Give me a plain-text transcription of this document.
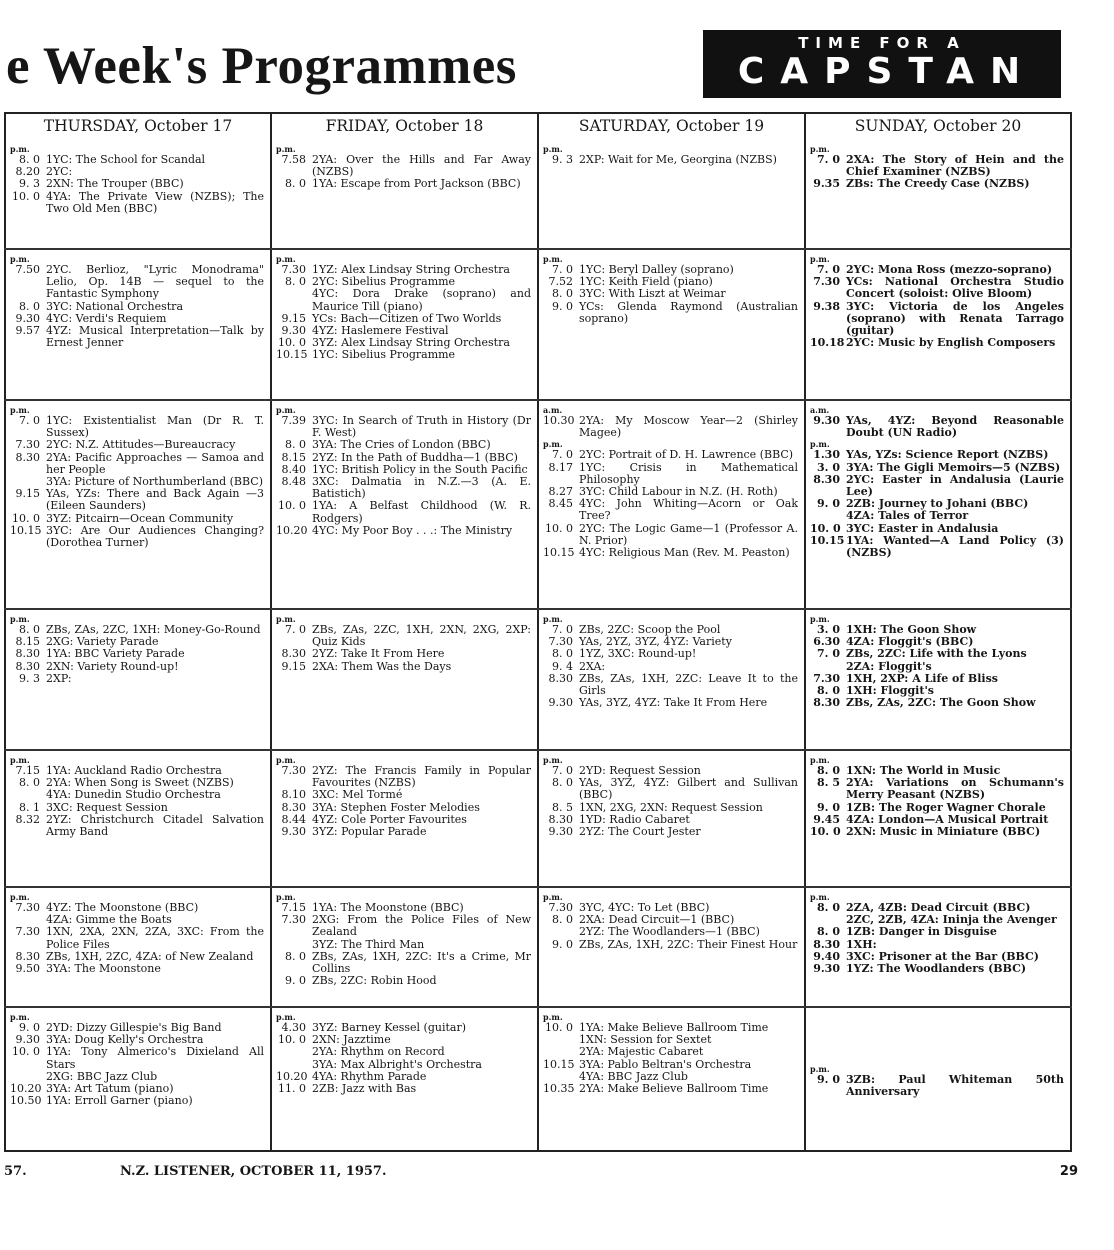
e Week's Programmes	TIME FOR A
CAPSTAN
THURSDAY, October 17	FRIDAY, October 18	SATURDAY, October 19	SUNDAY, October 20
p.m.
8. 0 1YC: The School for Scandal
8.20 2YC:
9. 3 2XN: The Trouper (BBC)
10. 0 4YA: The Private View (NZBS); The Two Old Men (BBC)
p.m.
7.58 2YA: Over the Hills and Far Away (NZBS)
8. 0 1YA: Escape from Port Jackson (BBC)
p.m.
9. 3 2XP: Wait for Me, Georgina (NZBS)
p.m.
7. 0 2XA: The Story of Hein and the Chief Examiner (NZBS)
9.35 ZBs: The Creedy Case (NZBS)
p.m.
7.50 2YC. Berlioz, "Lyric Monodrama" Lelio, Op. 14B — sequel to the Fantastic Symphony
8. 0 3YC: National Orchestra
9.30 4YC: Verdi's Requiem
9.57 4YZ: Musical Interpretation—Talk by Ernest Jenner
p.m.
7.30 1YZ: Alex Lindsay String Orchestra
8. 0 2YC: Sibelius Programme
4YC: Dora Drake (soprano) and Maurice Till (piano)
9.15 YCs: Bach—Citizen of Two Worlds
9.30 4YZ: Haslemere Festival
10. 0 3YZ: Alex Lindsay String Orchestra
10.15 1YC: Sibelius Programme
p.m.
7. 0 1YC: Beryl Dalley (soprano)
7.52 1YC: Keith Field (piano)
8. 0 3YC: With Liszt at Weimar
9. 0 YCs: Glenda Raymond (Australian soprano)
p.m.
7. 0 2YC: Mona Ross (mezzo-soprano)
7.30 YCs: National Orchestra Studio Concert (soloist: Olive Bloom)
9.38 3YC: Victoria de los Angeles (soprano) with Renata Tarrago (guitar)
10.18 2YC: Music by English Composers
p.m.
7. 0 1YC: Existentialist Man (Dr R. T. Sussex)
7.30 2YC: N.Z. Attitudes—Bureaucracy
8.30 2YA: Pacific Approaches — Samoa and her People
3YA: Picture of Northumberland (BBC)
9.15 YAs, YZs: There and Back Again —3 (Eileen Saunders)
10. 0 3YZ: Pitcairn—Ocean Community
10.15 3YC: Are Our Audiences Changing? (Dorothea Turner)
p.m.
7.39 3YC: In Search of Truth in History (Dr F. West)
8. 0 3YA: The Cries of London (BBC)
8.15 2YZ: In the Path of Buddha—1 (BBC)
8.40 1YC: British Policy in the South Pacific
8.48 3XC: Dalmatia in N.Z.—3 (A. E. Batistich)
10. 0 1YA: A Belfast Childhood (W. R. Rodgers)
10.20 4YC: My Poor Boy . . .: The Ministry
a.m.
10.30 2YA: My Moscow Year—2 (Shirley Magee)
p.m.
7. 0 2YC: Portrait of D. H. Lawrence (BBC)
8.17 1YC: Crisis in Mathematical Philosophy
8.27 3YC: Child Labour in N.Z. (H. Roth)
8.45 4YC: John Whiting—Acorn or Oak Tree?
10. 0 2YC: The Logic Game—1 (Professor A. N. Prior)
10.15 4YC: Religious Man (Rev. M. Peaston)
a.m.
9.30 YAs, 4YZ: Beyond Reasonable Doubt (UN Radio)
p.m.
1.30 YAs, YZs: Science Report (NZBS)
3. 0 3YA: The Gigli Memoirs—5 (NZBS)
8.30 2YC: Easter in Andalusia (Laurie Lee)
9. 0 2ZB: Journey to Johani (BBC)
4ZA: Tales of Terror
10. 0 3YC: Easter in Andalusia
10.15 1YA: Wanted—A Land Policy (3) (NZBS)
p.m.
8. 0 ZBs, ZAs, 2ZC, 1XH: Money-Go-Round
8.15 2XG: Variety Parade
8.30 1YA: BBC Variety Parade
8.30 2XN: Variety Round-up!
9. 3 2XP:
p.m.
7. 0 ZBs, ZAs, 2ZC, 1XH, 2XN, 2XG, 2XP: Quiz Kids
8.30 2YZ: Take It From Here
9.15 2XA: Them Was the Days
p.m.
7. 0 ZBs, 2ZC: Scoop the Pool
7.30 YAs, 2YZ, 3YZ, 4YZ: Variety
8. 0 1YZ, 3XC: Round-up!
9. 4 2XA:
8.30 ZBs, ZAs, 1XH, 2ZC: Leave It to the Girls
9.30 YAs, 3YZ, 4YZ: Take It From Here
p.m.
3. 0 1XH: The Goon Show
6.30 4ZA: Floggit's (BBC)
7. 0 ZBs, 2ZC: Life with the Lyons
2ZA: Floggit's
7.30 1XH, 2XP: A Life of Bliss
8. 0 1XH: Floggit's
8.30 ZBs, ZAs, 2ZC: The Goon Show
p.m.
7.15 1YA: Auckland Radio Orchestra
8. 0 2YA: When Song is Sweet (NZBS)
4YA: Dunedin Studio Orchestra
8. 1 3XC: Request Session
8.32 2YZ: Christchurch Citadel Salvation Army Band
p.m.
7.30 2YZ: The Francis Family in Popular Favourites (NZBS)
8.10 3XC: Mel Tormé
8.30 3YA: Stephen Foster Melodies
8.44 4YZ: Cole Porter Favourites
9.30 3YZ: Popular Parade
p.m.
7. 0 2YD: Request Session
8. 0 YAs, 3YZ, 4YZ: Gilbert and Sullivan (BBC)
8. 5 1XN, 2XG, 2XN: Request Session
8.30 1YD: Radio Cabaret
9.30 2YZ: The Court Jester
p.m.
8. 0 1XN: The World in Music
8. 5 2YA: Variations on Schumann's Merry Peasant (NZBS)
9. 0 1ZB: The Roger Wagner Chorale
9.45 4ZA: London—A Musical Portrait
10. 0 2XN: Music in Miniature (BBC)
p.m.
7.30 4YZ: The Moonstone (BBC)
4ZA: Gimme the Boats
7.30 1XN, 2XA, 2XN, 2ZA, 3XC: From the Police Files
8.30 ZBs, 1XH, 2ZC, 4ZA: of New Zealand
9.50 3YA: The Moonstone
p.m.
7.15 1YA: The Moonstone (BBC)
7.30 2XG: From the Police Files of New Zealand
3YZ: The Third Man
8. 0 ZBs, ZAs, 1XH, 2ZC: It's a Crime, Mr Collins
9. 0 ZBs, 2ZC: Robin Hood
p.m.
7.30 3YC, 4YC: To Let (BBC)
8. 0 2XA: Dead Circuit—1 (BBC)
2YZ: The Woodlanders—1 (BBC)
9. 0 ZBs, ZAs, 1XH, 2ZC: Their Finest Hour
p.m.
8. 0 2ZA, 4ZB: Dead Circuit (BBC)
2ZC, 2ZB, 4ZA: Ininja the Avenger
8. 0 1ZB: Danger in Disguise
8.30 1XH:
9.40 3XC: Prisoner at the Bar (BBC)
9.30 1YZ: The Woodlanders (BBC)
p.m.
9. 0 2YD: Dizzy Gillespie's Big Band
9.30 3YA: Doug Kelly's Orchestra
10. 0 1YA: Tony Almerico's Dixieland All Stars
2XG: BBC Jazz Club
10.20 3YA: Art Tatum (piano)
10.50 1YA: Erroll Garner (piano)
p.m.
4.30 3YZ: Barney Kessel (guitar)
10. 0 2XN: Jazztime
2YA: Rhythm on Record
3YA: Max Albright's Orchestra
10.20 4YA: Rhythm Parade
11. 0 2ZB: Jazz with Bas
p.m.
10. 0 1YA: Make Believe Ballroom Time
1XN: Session for Sextet
2YA: Majestic Cabaret
10.15 3YA: Pablo Beltran's Orchestra
4YA: BBC Jazz Club
10.35 2YA: Make Believe Ballroom Time
p.m.
9. 0 3ZB: Paul Whiteman 50th Anniversary
57.	N.Z. LISTENER, OCTOBER 11, 1957.	29
